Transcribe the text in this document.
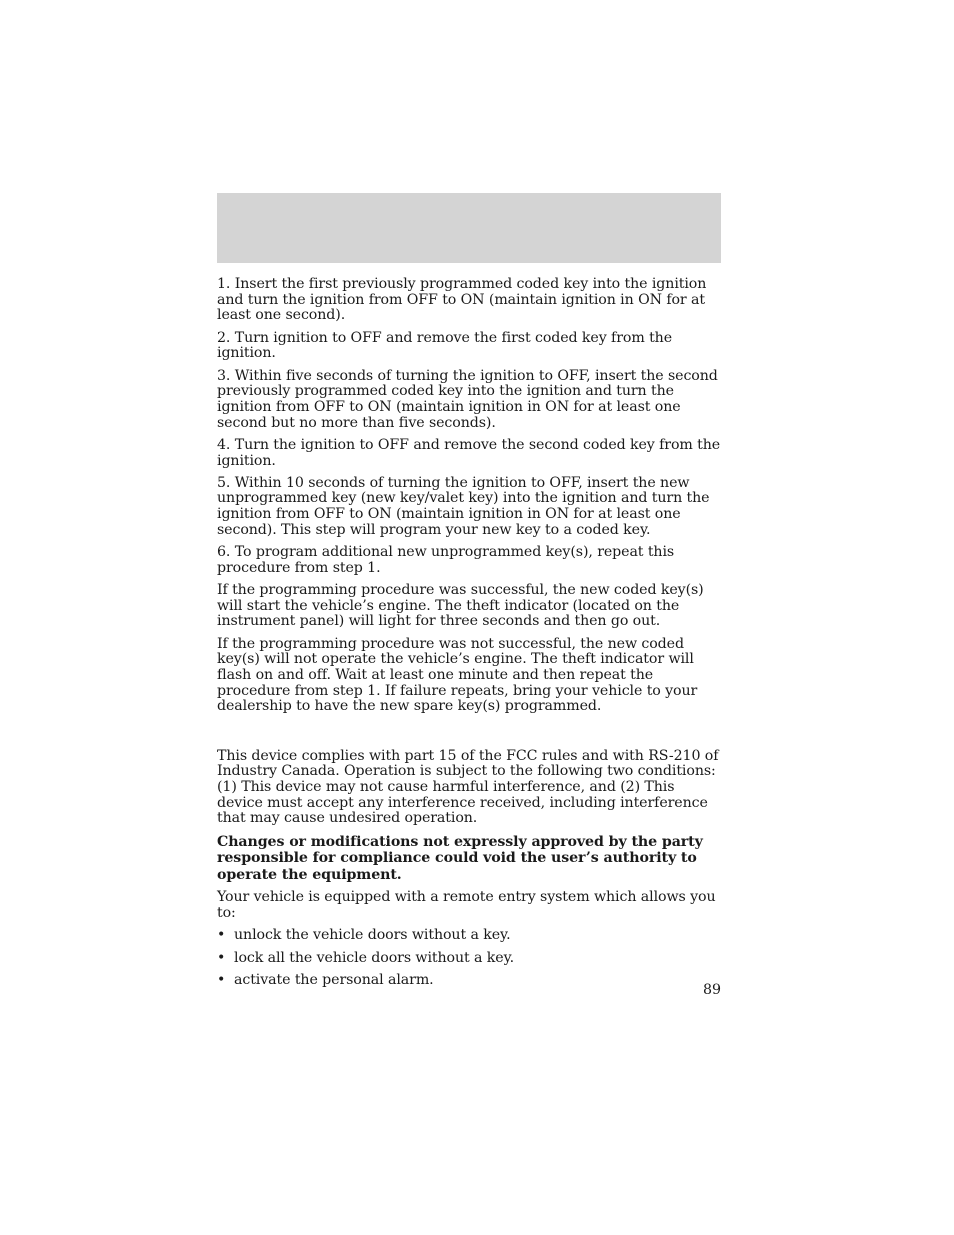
1. Insert the first previously programmed coded key into the ignition and turn the ignition from OFF to ON (maintain ignition in ON for at least one second).

2. Turn ignition to OFF and remove the first coded key from the ignition.

3. Within five seconds of turning the ignition to OFF, insert the second previously programmed coded key into the ignition and turn the ignition from OFF to ON (maintain ignition in ON for at least one second but no more than five seconds).

4. Turn the ignition to OFF and remove the second coded key from the ignition.

5. Within 10 seconds of turning the ignition to OFF, insert the new unprogrammed key (new key/valet key) into the ignition and turn the ignition from OFF to ON (maintain ignition in ON for at least one second). This step will program your new key to a coded key.

6. To program additional new unprogrammed key(s), repeat this procedure from step 1.

If the programming procedure was successful, the new coded key(s) will start the vehicle’s engine. The theft indicator (located on the instrument panel) will light for three seconds and then go out.

If the programming procedure was not successful, the new coded key(s) will not operate the vehicle’s engine. The theft indicator will flash on and off. Wait at least one minute and then repeat the procedure from step 1. If failure repeats, bring your vehicle to your dealership to have the new spare key(s) programmed.

This device complies with part 15 of the FCC rules and with RS-210 of Industry Canada. Operation is subject to the following two conditions: (1) This device may not cause harmful interference, and (2) This device must accept any interference received, including interference that may cause undesired operation.

Changes or modifications not expressly approved by the party responsible for compliance could void the user’s authority to operate the equipment.

Your vehicle is equipped with a remote entry system which allows you to:

• unlock the vehicle doors without a key.
• lock all the vehicle doors without a key.
• activate the personal alarm.
89
